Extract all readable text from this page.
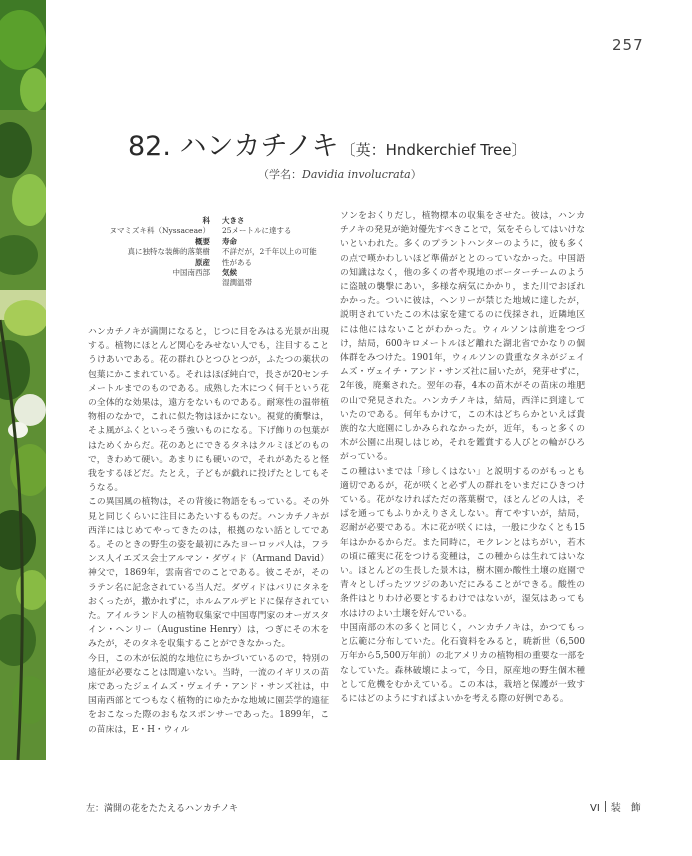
257
82. ハンカチノキ 〔英：Hndkerchief Tree〕
（学名：Davidia involucrata）
科
ヌマミズキ科（Nyssaceae）
概要
真に独特な装飾的落葉樹
原産
中国南西部
大きさ
25メートルに達する
寿命
不詳だが，2千年以上の可能性がある
気候
湿潤温帯

ハンカチノキが満開になると，じつに目をみはる光景が出現する。植物にほとんど関心をみせない人でも，注目することうけあいである。花の群れひとつひとつが，ふたつの薬状の包葉にかこまれている。それはほぼ純白で，長さが20センチメートルまでのものである。成熟した木につく何千という花の全体的な効果は，遠方をないものである。耐寒性の温帯植物相のなかで，これに似た物はほかにない。視覚的衝撃は，そよ風がふくといっそう強いものになる。下げ飾りの包葉がはためくからだ。花のあとにできるタネはクルミほどのもので，きわめて硬い。あまりにも硬いので，それがあたると怪我をするほどだ。たとえ，子どもが戯れに投げたとしてもそうなる。

この異国風の植物は，その背後に物語をもっている。その外見と同じくらいに注目にあたいするものだ。ハンカチノキが西洋にはじめてやってきたのは，根拠のない話としてである。そのときの野生の姿を最初にみたヨーロッパ人は，フランス人イエズス会士アルマン・ダヴィド（Armand David）神父で，1869年，雲南省でのことである。彼こそが，そのラテン名に記念されている当人だ。ダヴィドはバリにタネをおくったが，撒かれずに，ホルムアルデヒドに保存されていた。アイルランド人の植物収集家で中国専門家のオーガスタイン・ヘンリー（Augustine Henry）は，つぎにその木をみたが，そのタネを収集することができなかった。

今日，この木が伝説的な地位にちかづいているので，特別の遠征が必要なことは間違いない。当時，一流のイギリスの苗床であったジェイムズ・ヴェイチ・アンド・サンズ社は，中国南西部とてつもなく植物的にゆたかな地域に園芸学的遠征をおこなった際のおもなスポンサーであった。1899年，この苗床は，E・H・ウィル

ソンをおくりだし，植物標本の収集をさせた。彼は，ハンカチノキの発見が絶対優先すべきことで，気をそらしてはいけないといわれた。多くのプラントハンターのように，彼も多くの点で嘆かわしいほど準備がととのっていなかった。中国語の知識はなく，他の多くの者や現地のポーターチームのように盗賊の襲撃にあい，多様な病気にかかり，また川でおぼれかかった。ついに彼は，ヘンリーが禁じた地域に達したが，説明されていたこの木は家を建てるのに伐採され，近隣地区には他にはないことがわかった。ウィルソンは前進をつづけ，結局，600キロメートルほど離れた湖北省でかなりの個体群をみつけた。1901年，ウィルソンの貴重なタネがジェイムズ・ヴェイチ・アンド・サンズ社に届いたが，発芽せずに，2年後，廃棄された。翌年の春，4本の苗木がその苗床の堆肥の山で発見された。ハンカチノキは，結局，西洋に到達していたのである。何年もかけて，この木はどちらかといえば貴族的な大庭園にしかみられなかったが，近年，もっと多くの木が公園に出現しはじめ，それを鑑賞する人びとの輪がひろがっている。

この種はいまでは「珍しくはない」と説明するのがもっとも適切であるが，花が咲くと必ず人の群れをいまだにひきつけている。花がなければただの落葉樹で，ほとんどの人は，そばを通ってもふりかえりさえしない。育てやすいが，結局，忍耐が必要である。木に花が咲くには，一般に少なくとも15年はかかるからだ。また同時に，モクレンとはちがい，若木の頃に確実に花をつける変種は，この種からは生れてはいない。ほとんどの生長した景木は，樹木園か酸性土壌の庭園で青々としげったツツジのあいだにみることができる。酸性の条件はとりわけ必要とするわけではないが，湿気はあっても水はけのよい土壌を好んでいる。

中国南部の木の多くと同じく，ハンカチノキは，かつてもっと広範に分布していた。化石資料をみると，暁新世（6,500万年から5,500万年前）の北アメリカの植物相の重要な一部をなしていた。森林破壊によって，今日，原産地の野生個木種として危機をむかえている。この本は，栽培と保護が一致するにはどのようにすればよいかを考える際の好例である。

左：満開の花をたたえるハンカチノキ	VI 装　飾
